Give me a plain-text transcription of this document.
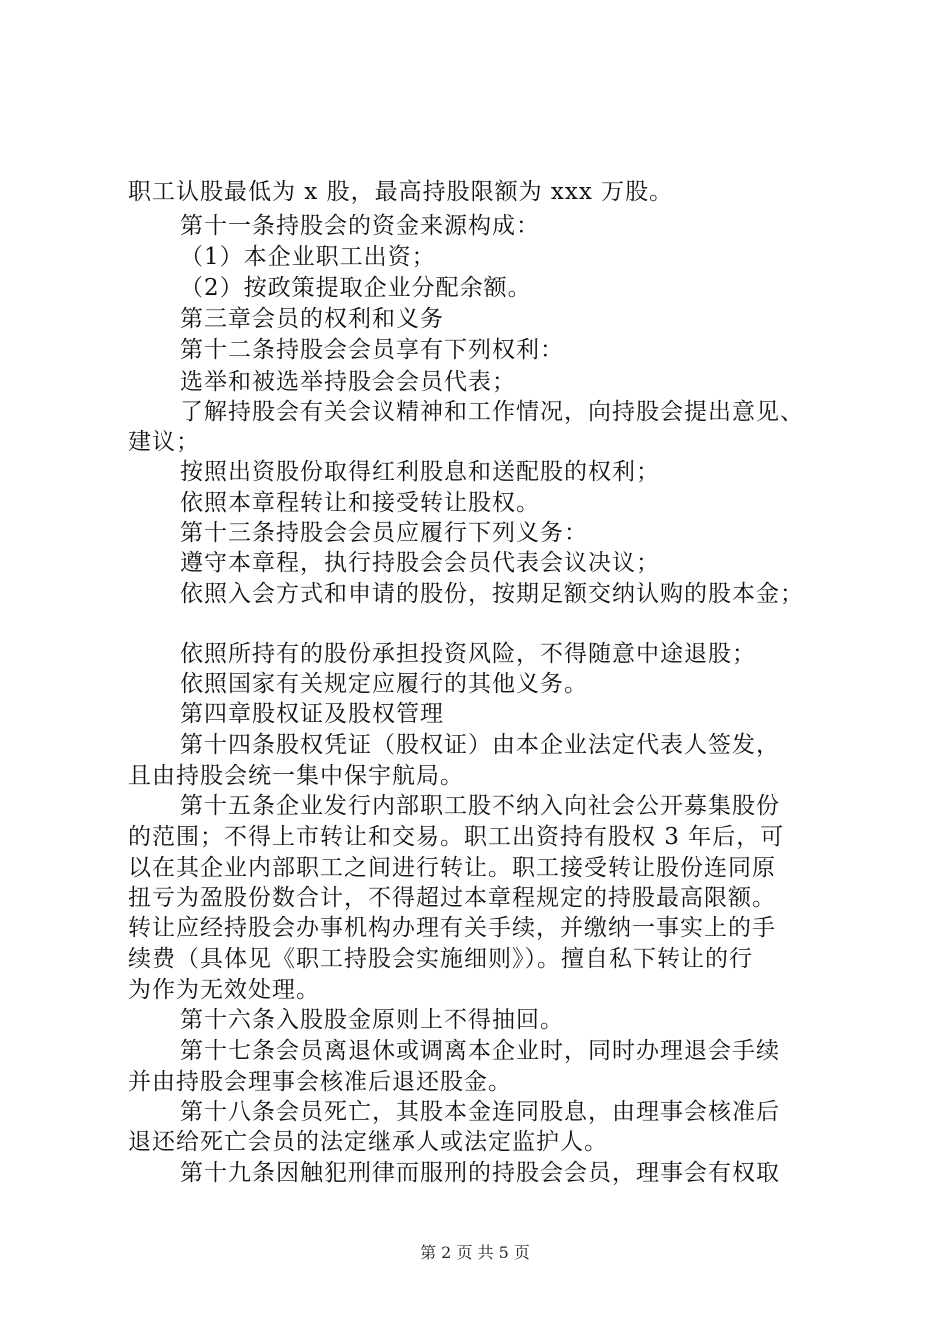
职工认股最低为 x 股，最高持股限额为 xxx 万股。
第十一条持股会的资金来源构成：
（1）本企业职工出资；
（2）按政策提取企业分配余额。
第三章会员的权利和义务
第十二条持股会会员享有下列权利：
选举和被选举持股会会员代表；
了解持股会有关会议精神和工作情况，向持股会提出意见、
建议；
按照出资股份取得红利股息和送配股的权利；
依照本章程转让和接受转让股权。
第十三条持股会会员应履行下列义务：
遵守本章程，执行持股会会员代表会议决议；
依照入会方式和申请的股份，按期足额交纳认购的股本金；
依照所持有的股份承担投资风险，不得随意中途退股；
依照国家有关规定应履行的其他义务。
第四章股权证及股权管理
第十四条股权凭证（股权证）由本企业法定代表人签发，
且由持股会统一集中保宇航局。
第十五条企业发行内部职工股不纳入向社会公开募集股份
的范围；不得上市转让和交易。职工出资持有股权 3 年后，可
以在其企业内部职工之间进行转让。职工接受转让股份连同原
扭亏为盈股份数合计，不得超过本章程规定的持股最高限额。
转让应经持股会办事机构办理有关手续，并缴纳一事实上的手
续费（具体见《职工持股会实施细则》）。擅自私下转让的行
为作为无效处理。
第十六条入股股金原则上不得抽回。
第十七条会员离退休或调离本企业时，同时办理退会手续
并由持股会理事会核准后退还股金。
第十八条会员死亡，其股本金连同股息，由理事会核准后
退还给死亡会员的法定继承人或法定监护人。
第十九条因触犯刑律而服刑的持股会会员，理事会有权取
第 2 页 共 5 页
